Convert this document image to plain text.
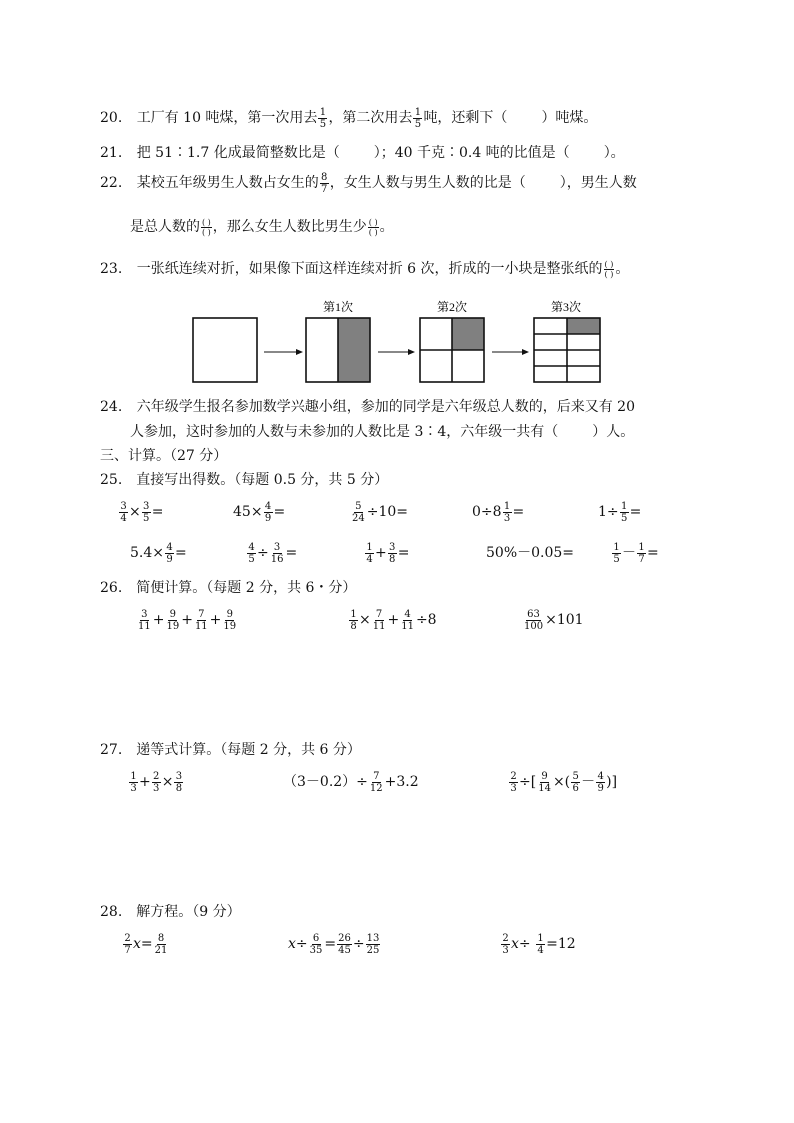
20. 工厂有 10 吨煤，第一次用去 $\frac{1}{5}$ ，第二次用去 $\frac{1}{5}$ 吨，还剩下（ ）吨煤。
21. 把 51∶1.7 化成最简整数比是（ ）；40 千克∶0.4 吨的比值是（ ）。
22. 某校五年级男生人数占女生的 $\frac{8}{7}$ ，女生人数与男生人数的比是（ ），男生人数
是总人数的 ( )
( ) ，那么女生人数比男生少 ( )
( ) 。
23. 一张纸连续对折，如果像下面这样连续对折 6 次，折成的一小块是整张纸的 ( )
( ) 。
第1次	第2次	第3次
24. 六年级学生报名参加数学兴趣小组，参加的同学是六年级总人数的，后来又有 20
人参加，这时参加的人数与未参加的人数比是 3∶4，六年级一共有（ ）人。
三、计算。（27 分）
25.　直接写出得数。（每题 0.5 分，共 5 分）
$\frac{3}{4} \times \frac{3}{5}$ =	$45\times \frac{4}{9}$ =	$\frac{5}{24} \div 10=$	$0\div 8 \frac{1}{3}$ =	$1\div \frac{1}{5}$ =
$5.4\times \frac{4}{9}$ =	$\frac{4}{5} \div \frac{3}{16}$ =	$\frac{1}{4} + \frac{3}{8}$ =	50%－0.05=	$\frac{1}{5} - \frac{1}{7}$ =
26.　简便计算。（每题 2 分，共 6・分）
$\frac{3}{11} + \frac{9}{19} + \frac{7}{11} + \frac{9}{19}$	$\frac{1}{8} \times \frac{7}{11} + \frac{4}{11} \div 8$	$\frac{63}{100} \times 101$
27.　递等式计算。（每题 2 分，共 6 分）
$\frac{1}{3} + \frac{2}{3} \times \frac{3}{8}$	$(3-0.2)\div \frac{7}{12} +3.2$	$\frac{2}{3}$ ÷[ $\frac{9}{14}$ ×( $\frac{5}{6} - \frac{4}{9}$ )]
28.　解方程。（9 分）
$\frac{2}{7} x= \frac{8}{21}$	$x\div \frac{6}{35} = \frac{26}{45} \div \frac{13}{25}$	$\frac{2}{3} x\div \frac{1}{4} =12$
